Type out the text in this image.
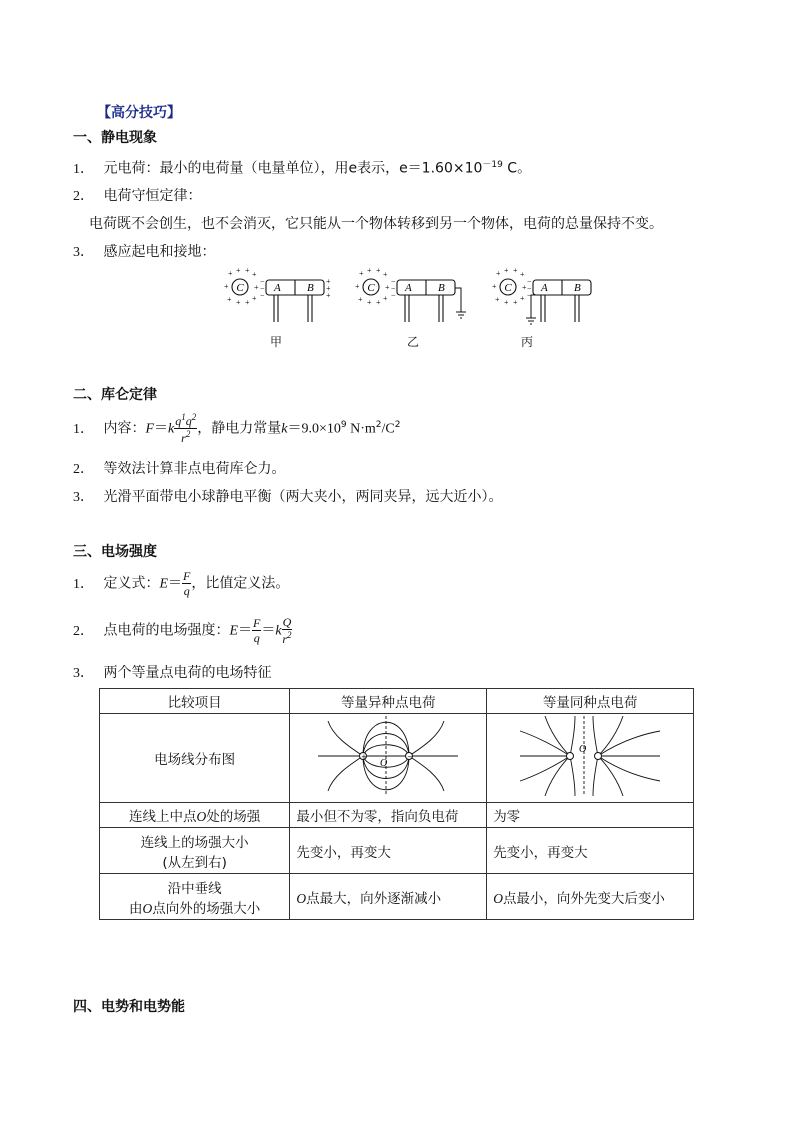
【高分技巧】
一、静电现象
1． 元电荷：最小的电荷量（电量单位），用e表示，$e=1.60\times 10^{-19}$ C。
2． 电荷守恒定律：
电荷既不会创生，也不会消灭，它只能从一个物体转移到另一个物体，电荷的总量保持不变。
3． 感应起电和接地：
C
+ + + +
+	+
+ + + +
−
−
−
+
+
+
A B	C
+ + + +
+	+
+ + + +
−
−
−
A B	C
+ + + +
+	+
+ + + +
−
−
−
A B
甲	乙	丙
二、库仑定律
1． 内容：$F=k \frac{q^1q^2}{r^2}$ ，静电力常量$k=9.0\times 10^9$ $N\cdot m^2/C^2$
2． 等效法计算非点电荷库仑力。
3． 光滑平面带电小球静电平衡（两大夹小，两同夹异，远大近小）。
三、电场强度
1． 定义式：$E= \frac{F}{q}$ ，比值定义法。
2． 点电荷的电场强度：$E= \frac{F}{q} =k \frac{Q}{r^2}$
3． 两个等量点电荷的电场特征
比较项目	等量异种点电荷	等量同种点电荷
电场线分布图	+ −
O	O

连线上中点O处的场强	最小但不为零，指向负电荷	为零

连线上的场强大小
(从左到右)	先变小，再变大	先变小，再变大

沿中垂线
由O点向外的场强大小	O点最大，向外逐渐减小	O点最小，向外先变大后变小
四、电势和电势能
